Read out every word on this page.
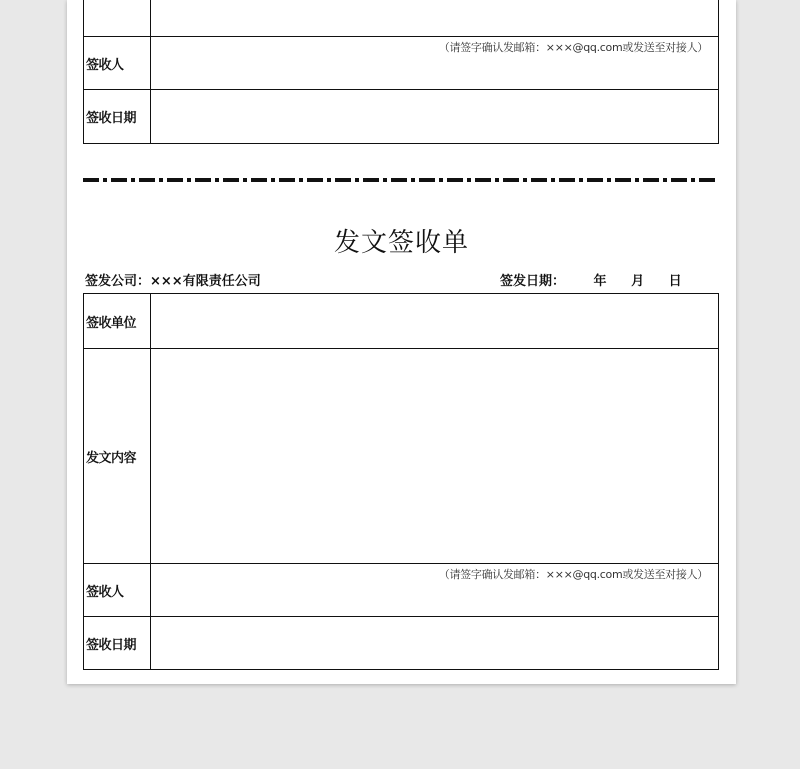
签收人	（请签字确认发邮箱：×××@qq.com或发送至对接人）

签收日期	
发文签收单
签发公司：×××有限责任公司	签发日期： 年 月 日
签收单位	
发文内容	
签收人	（请签字确认发邮箱：×××@qq.com或发送至对接人）

签收日期	
